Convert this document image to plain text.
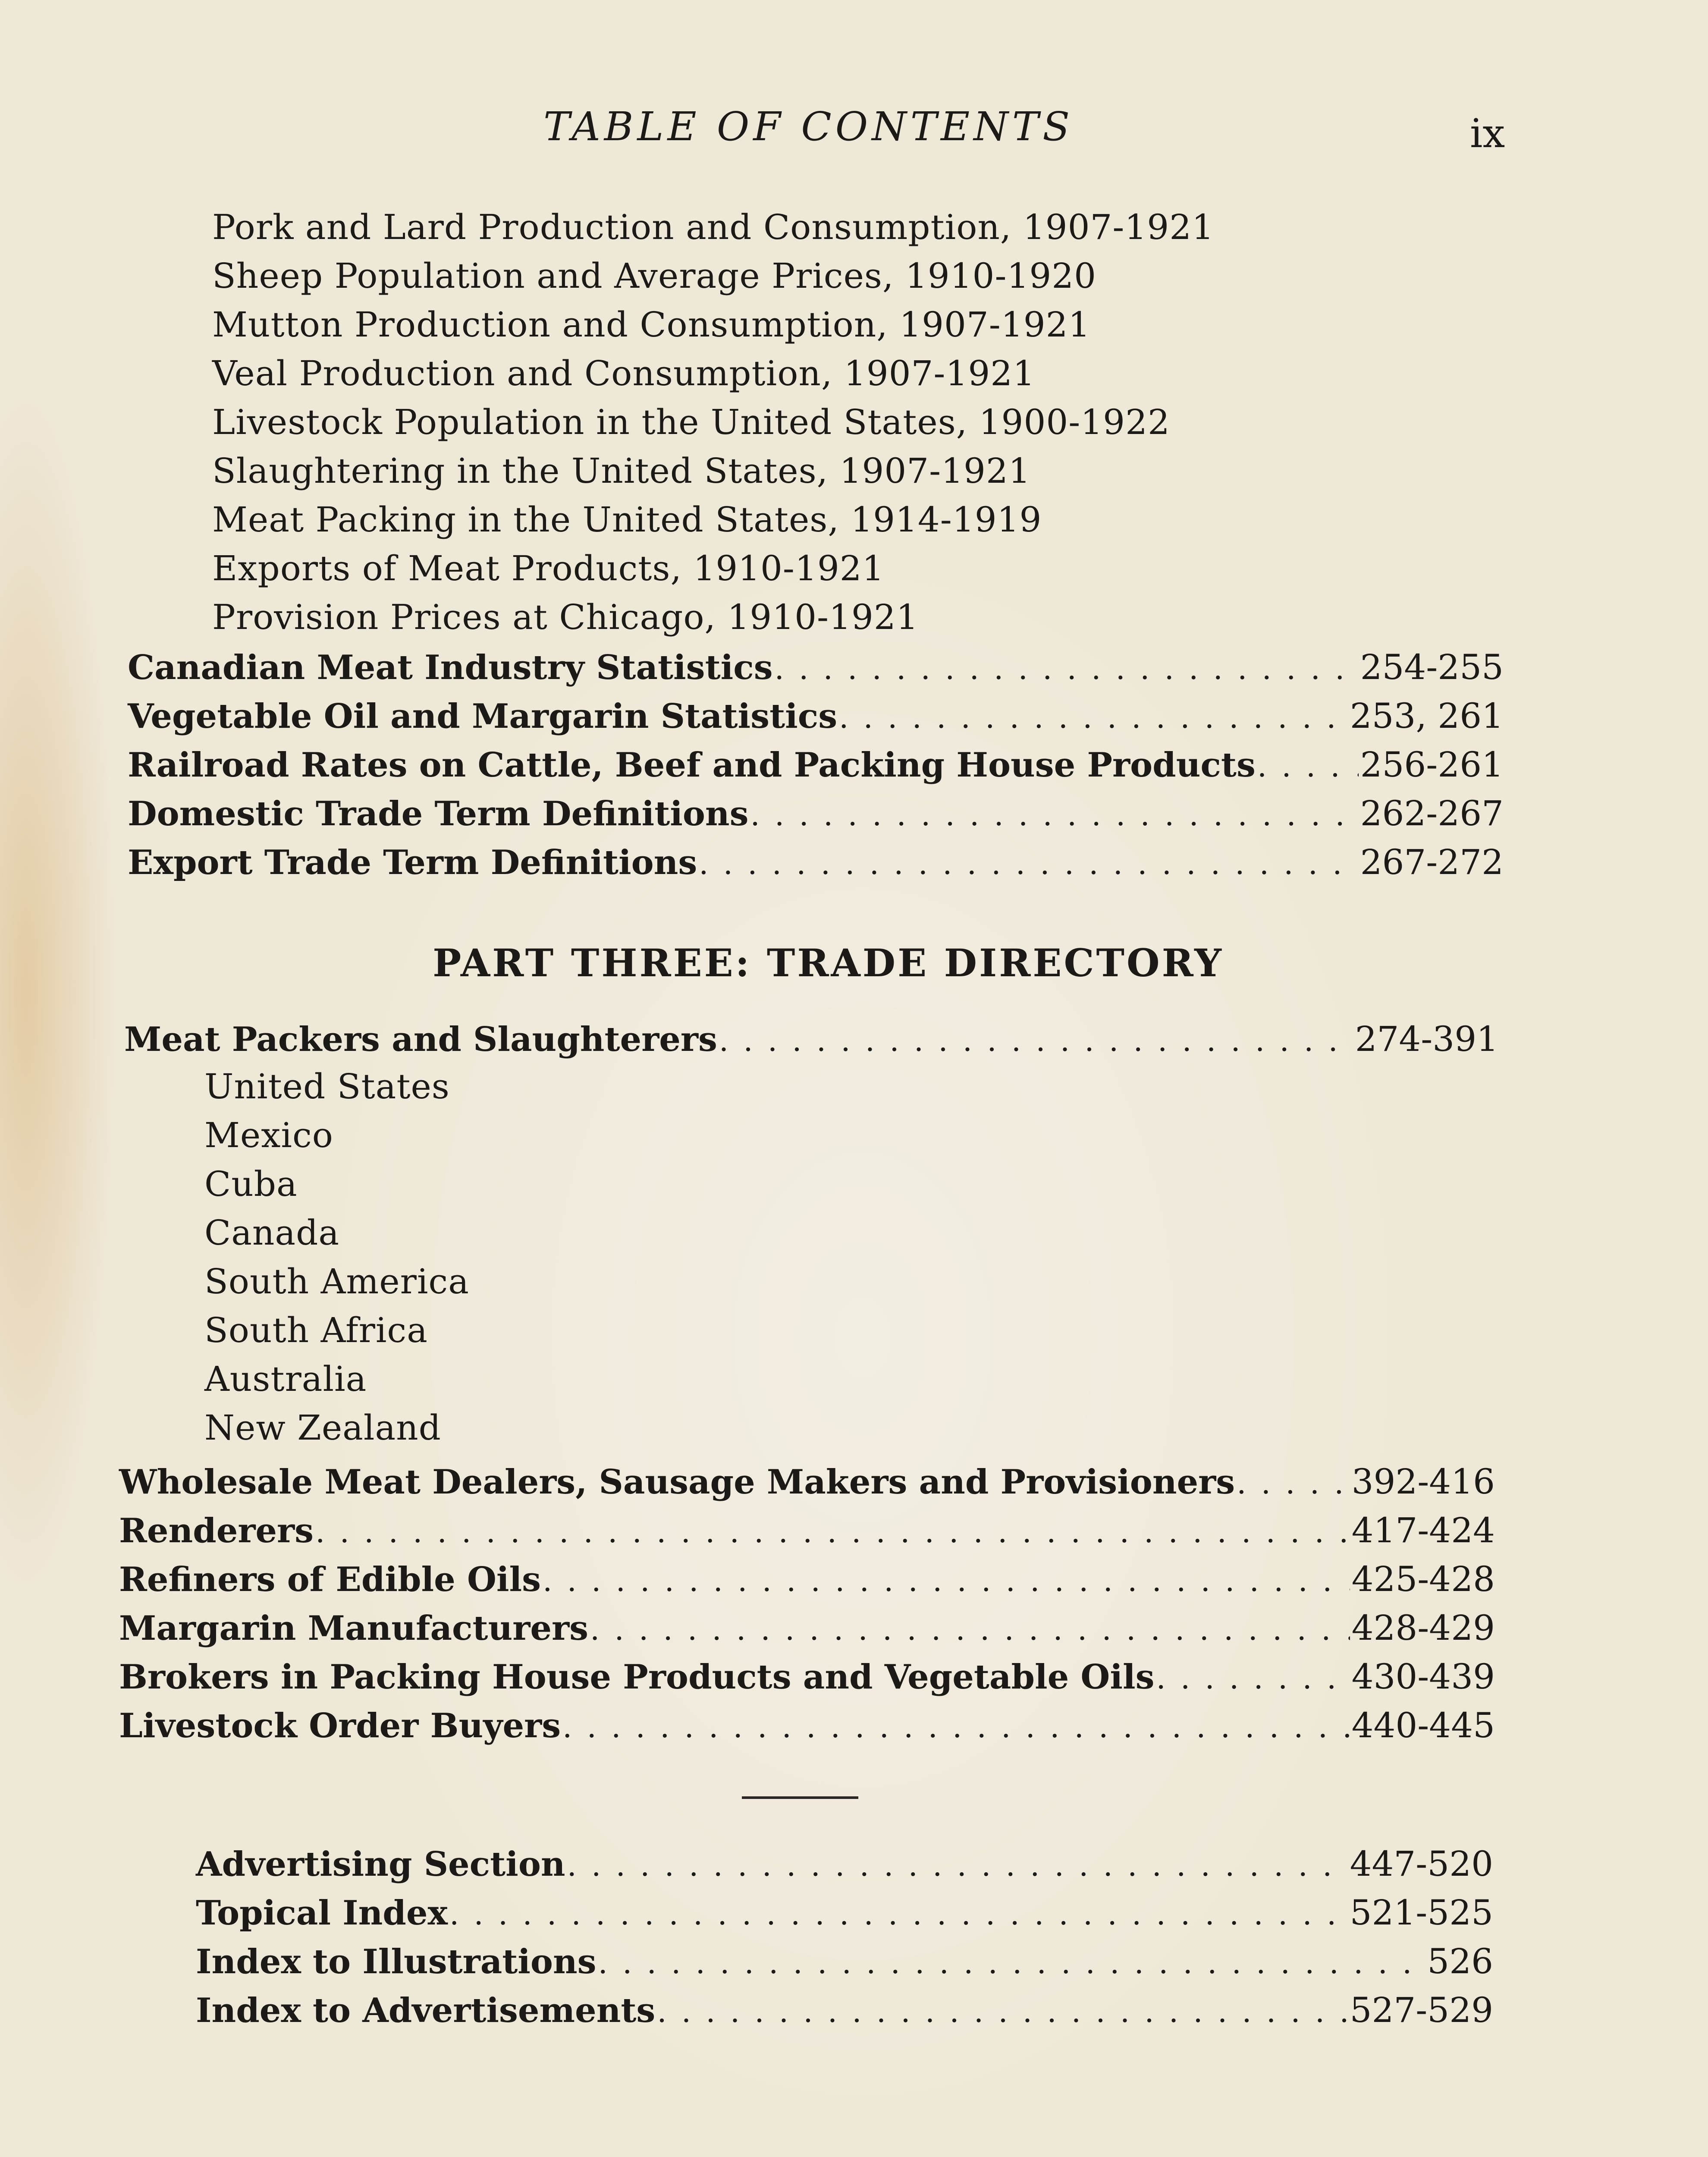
TABLE OF CONTENTS	ix
Pork and Lard Production and Consumption, 1907-1921
Sheep Population and Average Prices, 1910-1920
Mutton Production and Consumption, 1907-1921
Veal Production and Consumption, 1907-1921
Livestock Population in the United States, 1900-1922
Slaughtering in the United States, 1907-1921
Meat Packing in the United States, 1914-1919
Exports of Meat Products, 1910-1921
Provision Prices at Chicago, 1910-1921
Canadian Meat Industry Statistics . . .	254-255
Vegetable Oil and Margarin Statistics . . .	253, 261
Railroad Rates on Cattle, Beef and Packing House Products . . .	256-261
Domestic Trade Term Definitions . . .	262-267
Export Trade Term Definitions . . .	267-272
PART THREE: TRADE DIRECTORY
Meat Packers and Slaughterers . . .	274-391
United States
Mexico
Cuba
Canada
South America
South Africa
Australia
New Zealand
Wholesale Meat Dealers, Sausage Makers and Provisioners . . .	392-416
Renderers . . .	417-424
Refiners of Edible Oils . . .	425-428
Margarin Manufacturers . . .	428-429
Brokers in Packing House Products and Vegetable Oils . . .	430-439
Livestock Order Buyers . . .	440-445
Advertising Section . . .	447-520
Topical Index . . .	521-525
Index to Illustrations . . .	526
Index to Advertisements . . .	527-529
